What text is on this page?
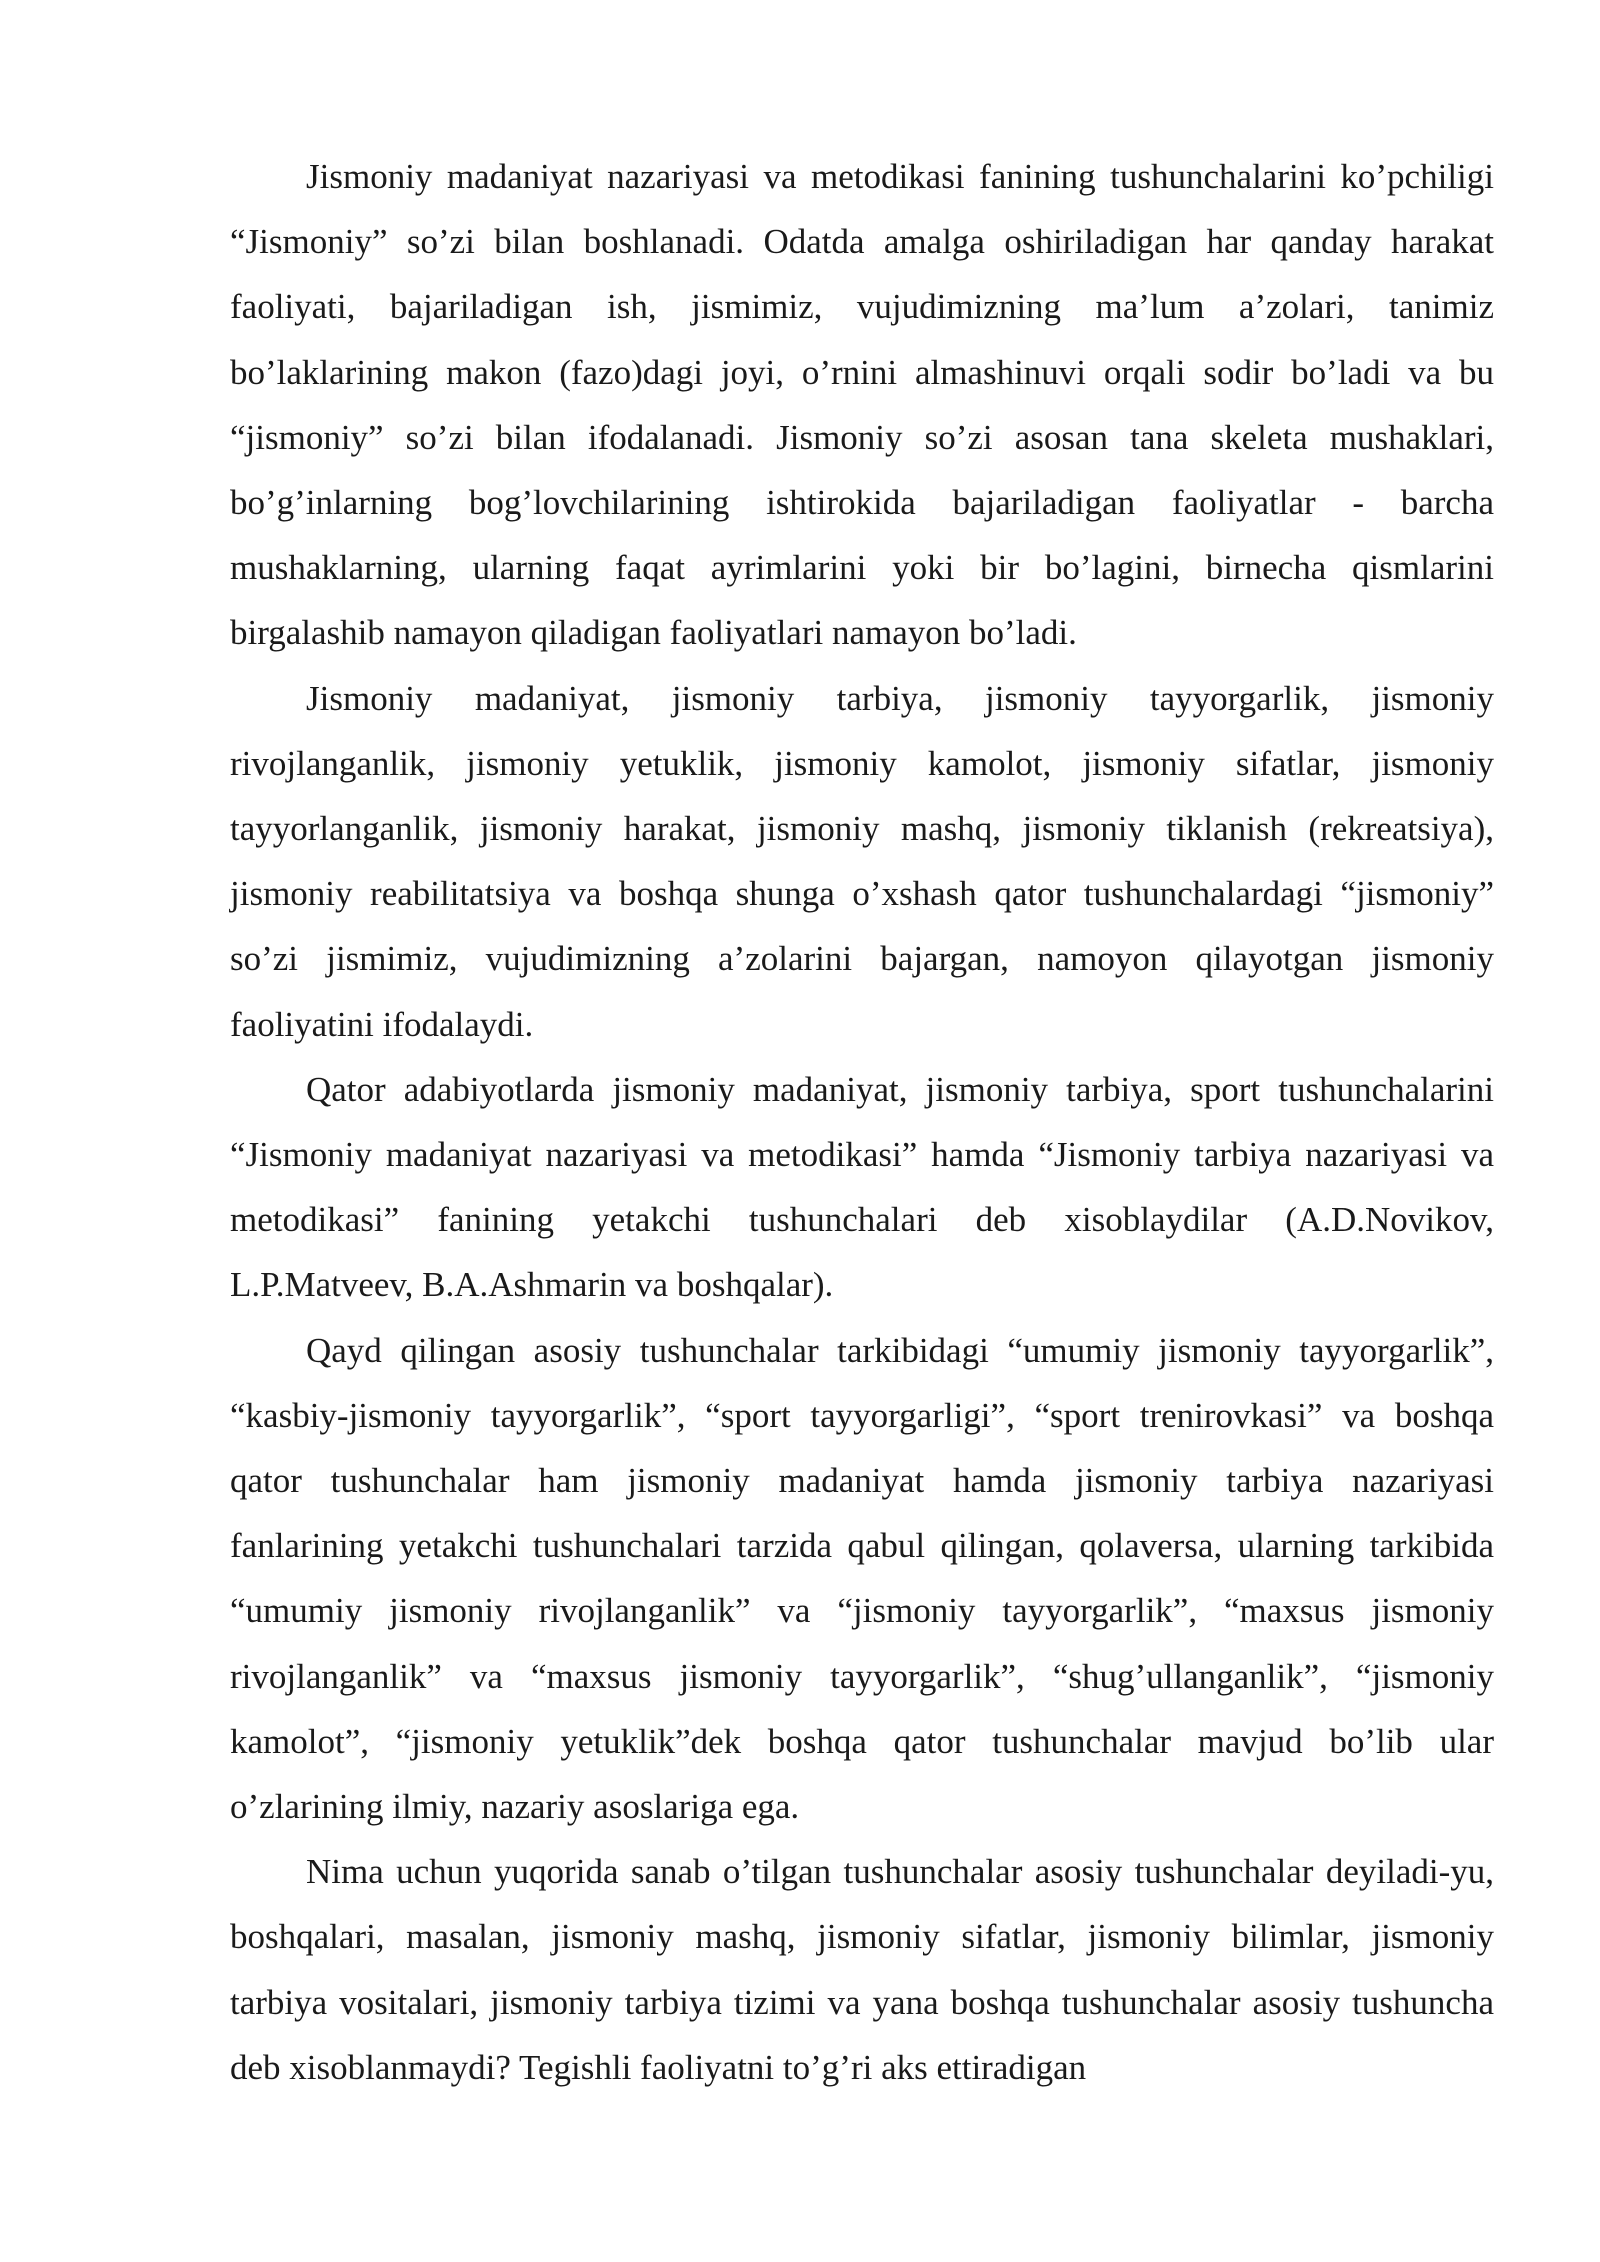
Jismoniy madaniyat nazariyasi va metodikasi fanining tushunchalarini ko’pchiligi “Jismoniy” so’zi bilan boshlanadi. Odatda amalga oshiriladigan har qanday harakat faoliyati, bajariladigan ish, jismimiz, vujudimizning ma’lum a’zolari, tanimiz bo’laklarining makon (fazo)dagi joyi, o’rnini almashinuvi orqali sodir bo’ladi va bu “jismoniy” so’zi bilan ifodalanadi. Jismoniy so’zi asosan tana skeleta mushaklari, bo’g’inlarning bog’lovchilarining ishtirokida bajariladigan faoliyatlar - barcha mushaklarning, ularning faqat ayrimlarini yoki bir bo’lagini, birnecha qismlarini birgalashib namayon qiladigan faoliyatlari namayon bo’ladi.

Jismoniy madaniyat, jismoniy tarbiya, jismoniy tayyorgarlik, jismoniy rivojlanganlik, jismoniy yetuklik, jismoniy kamolot, jismoniy sifatlar, jismoniy tayyorlanganlik, jismoniy harakat, jismoniy mashq, jismoniy tiklanish (rekreatsiya), jismoniy reabilitatsiya va boshqa shunga o’xshash qator tushunchalardagi “jismoniy” so’zi jismimiz, vujudimizning a’zolarini bajargan, namoyon qilayotgan jismoniy faoliyatini ifodalaydi.

Qator adabiyotlarda jismoniy madaniyat, jismoniy tarbiya, sport tushunchalarini “Jismoniy madaniyat nazariyasi va metodikasi” hamda “Jismoniy tarbiya nazariyasi va metodikasi” fanining yetakchi tushunchalari deb xisoblaydilar (A.D.Novikov, L.P.Matveev, B.A.Ashmarin va boshqalar).

Qayd qilingan asosiy tushunchalar tarkibidagi “umumiy jismoniy tayyorgarlik”, “kasbiy-jismoniy tayyorgarlik”, “sport tayyorgarligi”, “sport trenirovkasi” va boshqa qator tushunchalar ham jismoniy madaniyat hamda jismoniy tarbiya nazariyasi fanlarining yetakchi tushunchalari tarzida qabul qilingan, qolaversa, ularning tarkibida “umumiy jismoniy rivojlanganlik” va “jismoniy tayyorgarlik”, “maxsus jismoniy rivojlanganlik” va “maxsus jismoniy tayyorgarlik”, “shug’ullanganlik”, “jismoniy kamolot”, “jismoniy yetuklik”dek boshqa qator tushunchalar mavjud bo’lib ular o’zlarining ilmiy, nazariy asoslariga ega.

Nima uchun yuqorida sanab o’tilgan tushunchalar asosiy tushunchalar deyiladi-yu, boshqalari, masalan, jismoniy mashq, jismoniy sifatlar, jismoniy bilimlar, jismoniy tarbiya vositalari, jismoniy tarbiya tizimi va yana boshqa tushunchalar asosiy tushuncha deb xisoblanmaydi? Tegishli faoliyatni to’g’ri aks ettiradigan
